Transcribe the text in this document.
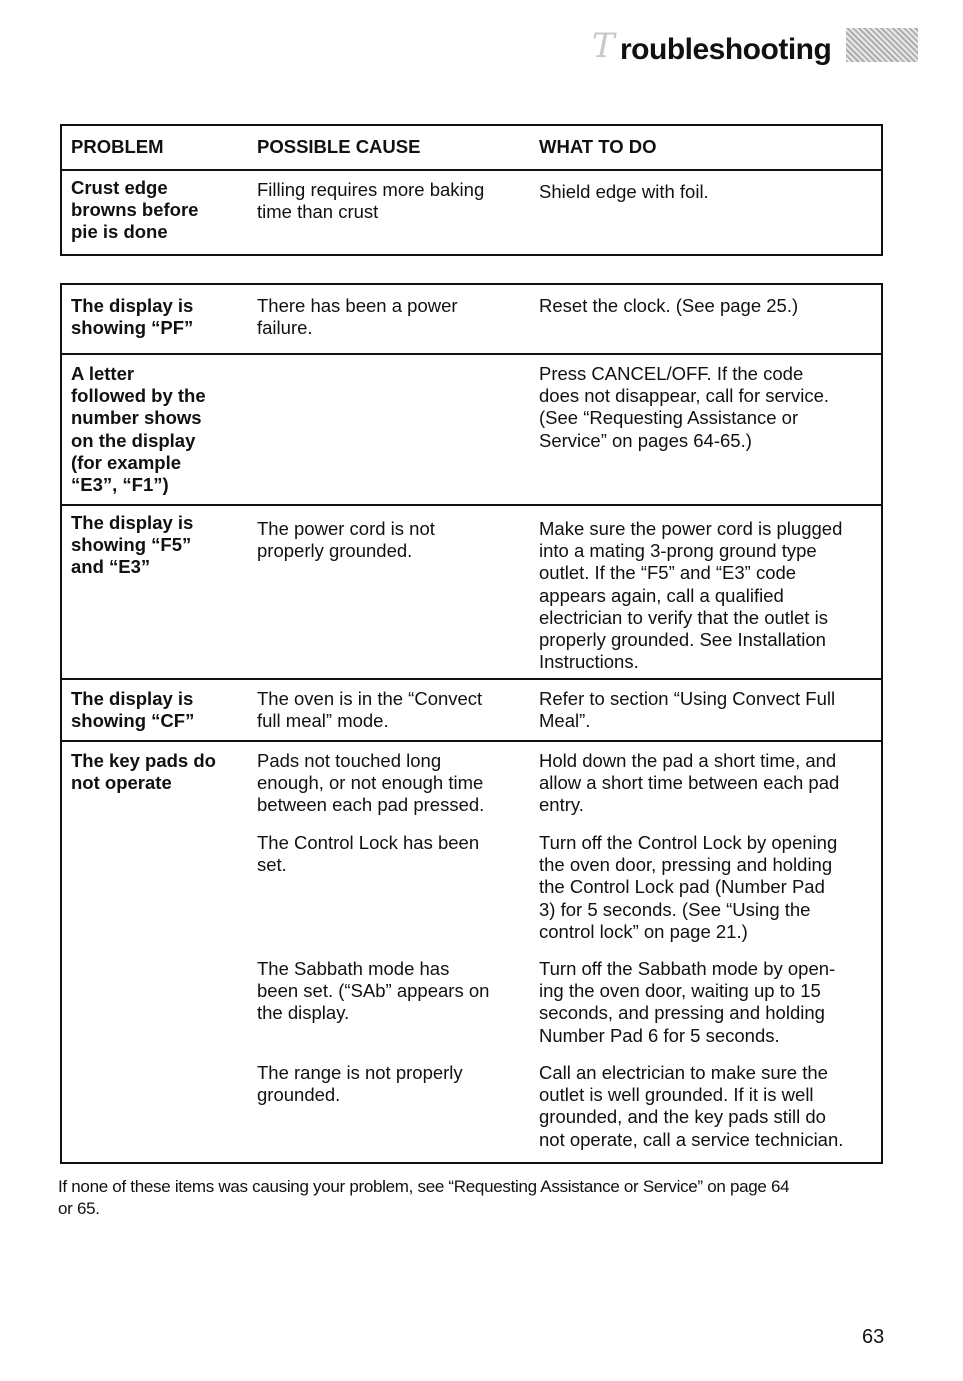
T roubleshooting
PROBLEM	POSSIBLE CAUSE	WHAT TO DO
Crust edge
browns before
pie is done
Filling requires more baking
time than crust
Shield edge with foil.
The display is
showing “PF”
There has been a power
failure.
Reset the clock. (See page 25.)
A letter
followed by the
number shows
on the display
(for example
“E3”, “F1”)
Press CANCEL/OFF. If the code
does not disappear, call for service.
(See “Requesting Assistance or
Service” on pages 64-65.)
The display is
showing “F5”
and “E3”
The power cord is not
properly grounded.
Make sure the power cord is plugged
into a mating 3-prong ground type
outlet. If the “F5” and “E3” code
appears again, call a qualified
electrician to verify that the outlet is
properly grounded. See Installation
Instructions.
The display is
showing “CF”
The oven is in the “Convect
full meal” mode.
Refer to section “Using Convect Full
Meal”.
The key pads do
not operate
Pads not touched long
enough, or not enough time
between each pad pressed.
Hold down the pad a short time, and
allow a short time between each pad
entry.
The Control Lock has been
set.
Turn off the Control Lock by opening
the oven door, pressing and holding
the Control Lock pad (Number Pad
3) for 5 seconds. (See “Using the
control lock” on page 21.)
The Sabbath mode has
been set. (“SAb” appears on
the display.
Turn off the Sabbath mode by open-
ing the oven door, waiting up to 15
seconds, and pressing and holding
Number Pad 6 for 5 seconds.
The range is not properly
grounded.
Call an electrician to make sure the
outlet is well grounded. If it is well
grounded, and the key pads still do
not operate, call a service technician.
If none of these items was causing your problem, see “Requesting Assistance or Service” on page 64
or 65.
63
